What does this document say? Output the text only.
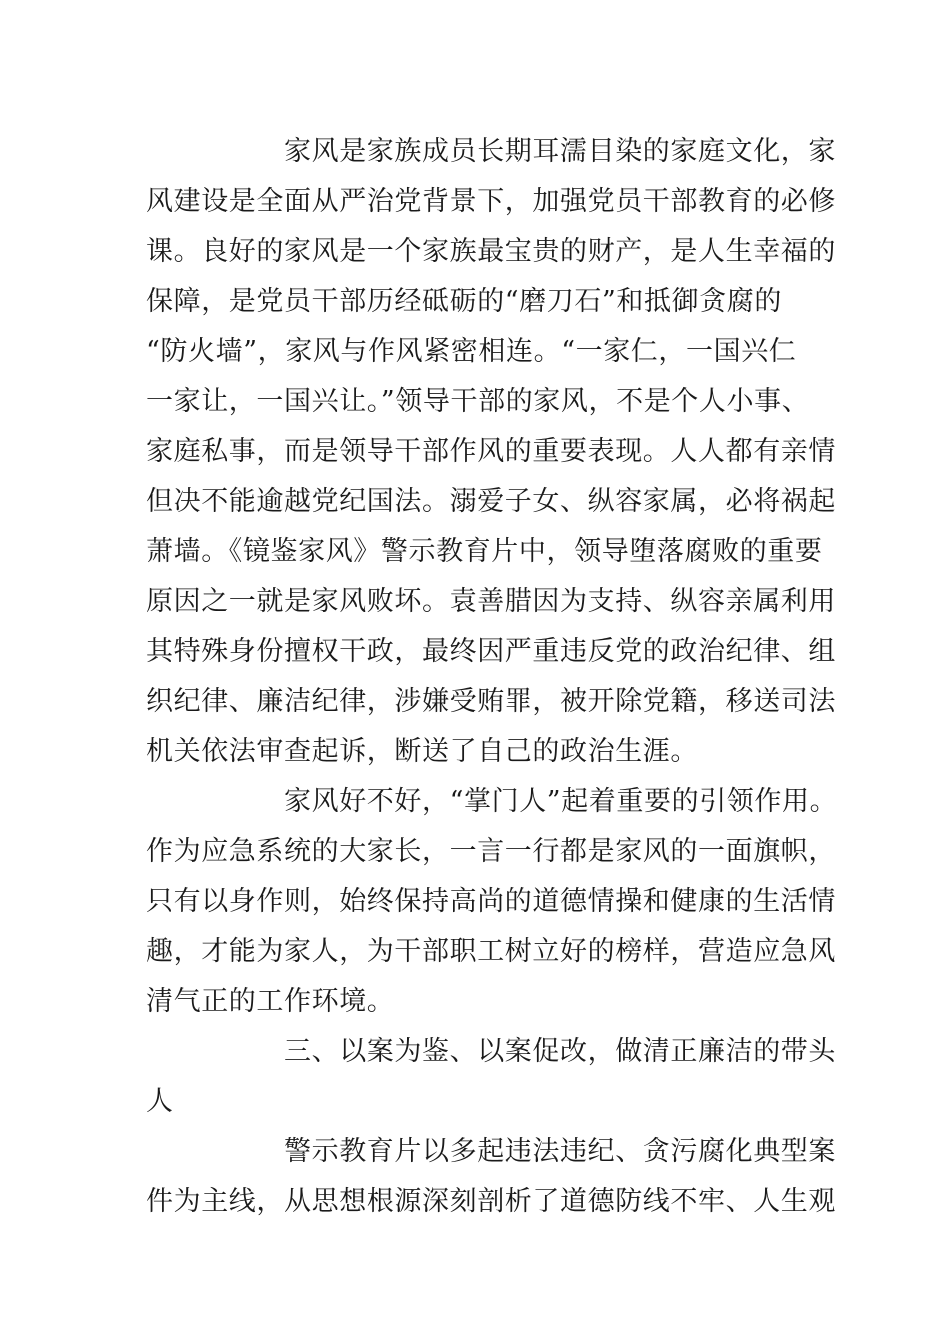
家风是家族成员长期耳濡目染的家庭文化，家
风建设是全面从严治党背景下，加强党员干部教育的必修
课。良好的家风是一个家族最宝贵的财产，是人生幸福的
保障，是党员干部历经砥砺的“磨刀石”和抵御贪腐的
“防火墙”，家风与作风紧密相连。“一家仁，一国兴仁
一家让，一国兴让。”领导干部的家风，不是个人小事、
家庭私事，而是领导干部作风的重要表现。人人都有亲情
但决不能逾越党纪国法。溺爱子女、纵容家属，必将祸起
萧墙。《镜鉴家风》警示教育片中，领导堕落腐败的重要
原因之一就是家风败坏。袁善腊因为支持、纵容亲属利用
其特殊身份擅权干政，最终因严重违反党的政治纪律、组
织纪律、廉洁纪律，涉嫌受贿罪，被开除党籍，移送司法
机关依法审查起诉，断送了自己的政治生涯。
家风好不好，“掌门人”起着重要的引领作用。
作为应急系统的大家长，一言一行都是家风的一面旗帜，
只有以身作则，始终保持高尚的道德情操和健康的生活情
趣，才能为家人，为干部职工树立好的榜样，营造应急风
清气正的工作环境。
三、以案为鉴、以案促改，做清正廉洁的带头
人
警示教育片以多起违法违纪、贪污腐化典型案
件为主线，从思想根源深刻剖析了道德防线不牢、人生观
